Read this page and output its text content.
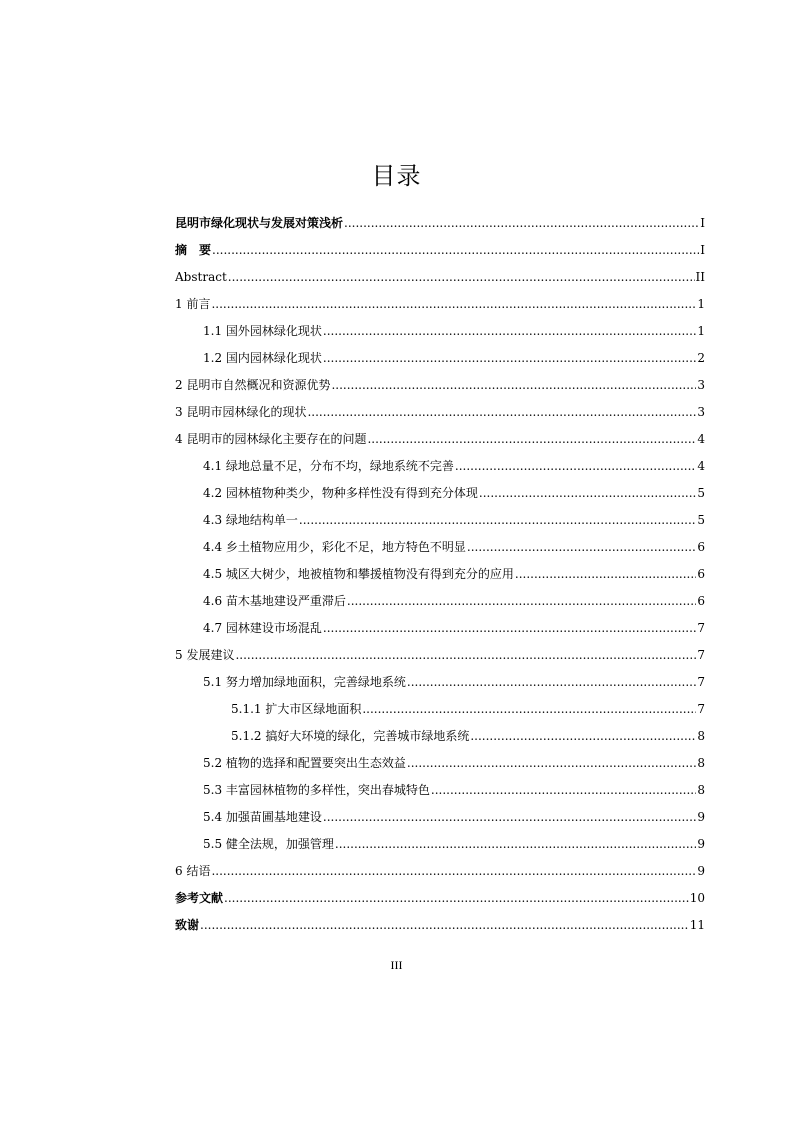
目录
昆明市绿化现状与发展对策浅析 .....	I
摘　要 .....	I
Abstract .....	II
1 前言 .....	1
1.1 国外园林绿化现状 .....	1
1.2 国内园林绿化现状 .....	2
2 昆明市自然概况和资源优势 .....	3
3 昆明市园林绿化的现状 .....	3
4 昆明市的园林绿化主要存在的问题 .....	4
4.1 绿地总量不足，分布不均，绿地系统不完善 .....	4
4.2 园林植物种类少，物种多样性没有得到充分体现 .....	5
4.3 绿地结构单一 .....	5
4.4 乡土植物应用少，彩化不足，地方特色不明显 .....	6
4.5 城区大树少，地被植物和攀援植物没有得到充分的应用 .....	6
4.6 苗木基地建设严重滞后 .....	6
4.7 园林建设市场混乱 .....	7
5 发展建议 .....	7
5.1 努力增加绿地面积，完善绿地系统 .....	7
5.1.1 扩大市区绿地面积 .....	7
5.1.2 搞好大环境的绿化，完善城市绿地系统 .....	8
5.2 植物的选择和配置要突出生态效益 .....	8
5.3 丰富园林植物的多样性，突出春城特色 .....	8
5.4 加强苗圃基地建设 .....	9
5.5 健全法规，加强管理 .....	9
6 结语 .....	9
参考文献 .....	10
致谢 .....	11
III
